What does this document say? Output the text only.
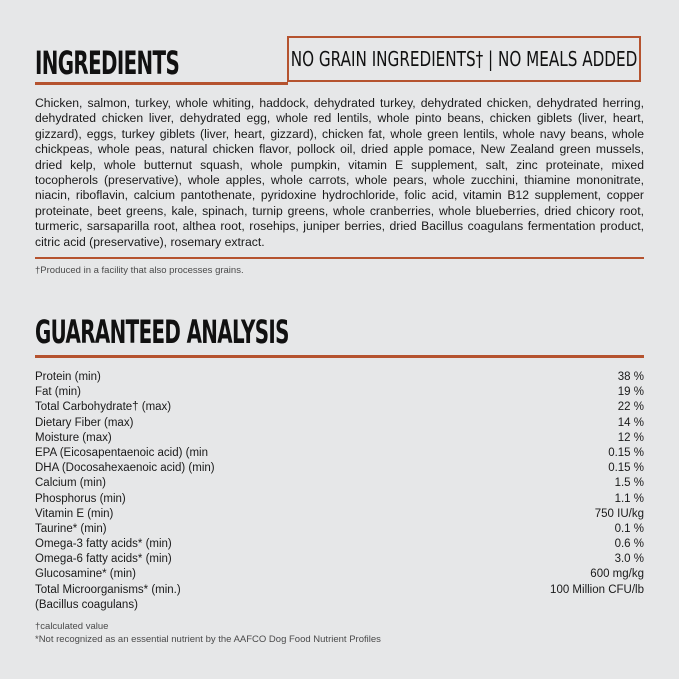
INGREDIENTS	NO GRAIN INGREDIENTS† | NO MEALS ADDED
Chicken, salmon, turkey, whole whiting, haddock, dehydrated turkey, dehydrated chicken, dehydrated herring, dehydrated chicken liver, dehydrated egg, whole red lentils, whole pinto beans, chicken giblets (liver, heart, gizzard), eggs, turkey giblets (liver, heart, gizzard), chicken fat, whole green lentils, whole navy beans, whole chickpeas, whole peas, natural chicken flavor, pollock oil, dried apple pomace, New Zealand green mussels, dried kelp, whole butternut squash, whole pumpkin, vitamin E supplement, salt, zinc proteinate, mixed tocopherols (preservative), whole apples, whole carrots, whole pears, whole zucchini, thiamine mononitrate, niacin, riboflavin, calcium pantothenate, pyridoxine hydrochloride, folic acid, vitamin B12 supplement, copper proteinate, beet greens, kale, spinach, turnip greens, whole cranberries, whole blueberries, dried chicory root, turmeric, sarsaparilla root, althea root, rosehips, juniper berries, dried Bacillus coagulans fermentation product, citric acid (preservative), rosemary extract.
†Produced in a facility that also processes grains.
GUARANTEED ANALYSIS
Protein (min)	38 %
Fat (min)	19 %
Total Carbohydrate† (max)	22 %
Dietary Fiber (max)	14 %
Moisture (max)	12 %
EPA (Eicosapentaenoic acid) (min	0.15 %
DHA (Docosahexaenoic acid) (min)	0.15 %
Calcium (min)	1.5 %
Phosphorus (min)	1.1 %
Vitamin E (min)	750 IU/kg
Taurine* (min)	0.1 %
Omega-3 fatty acids* (min)	0.6 %
Omega-6 fatty acids* (min)	3.0 %
Glucosamine* (min)	600 mg/kg
Total Microorganisms* (min.)	100 Million CFU/lb
(Bacillus coagulans)
†calculated value
*Not recognized as an essential nutrient by the AAFCO Dog Food Nutrient Profiles
